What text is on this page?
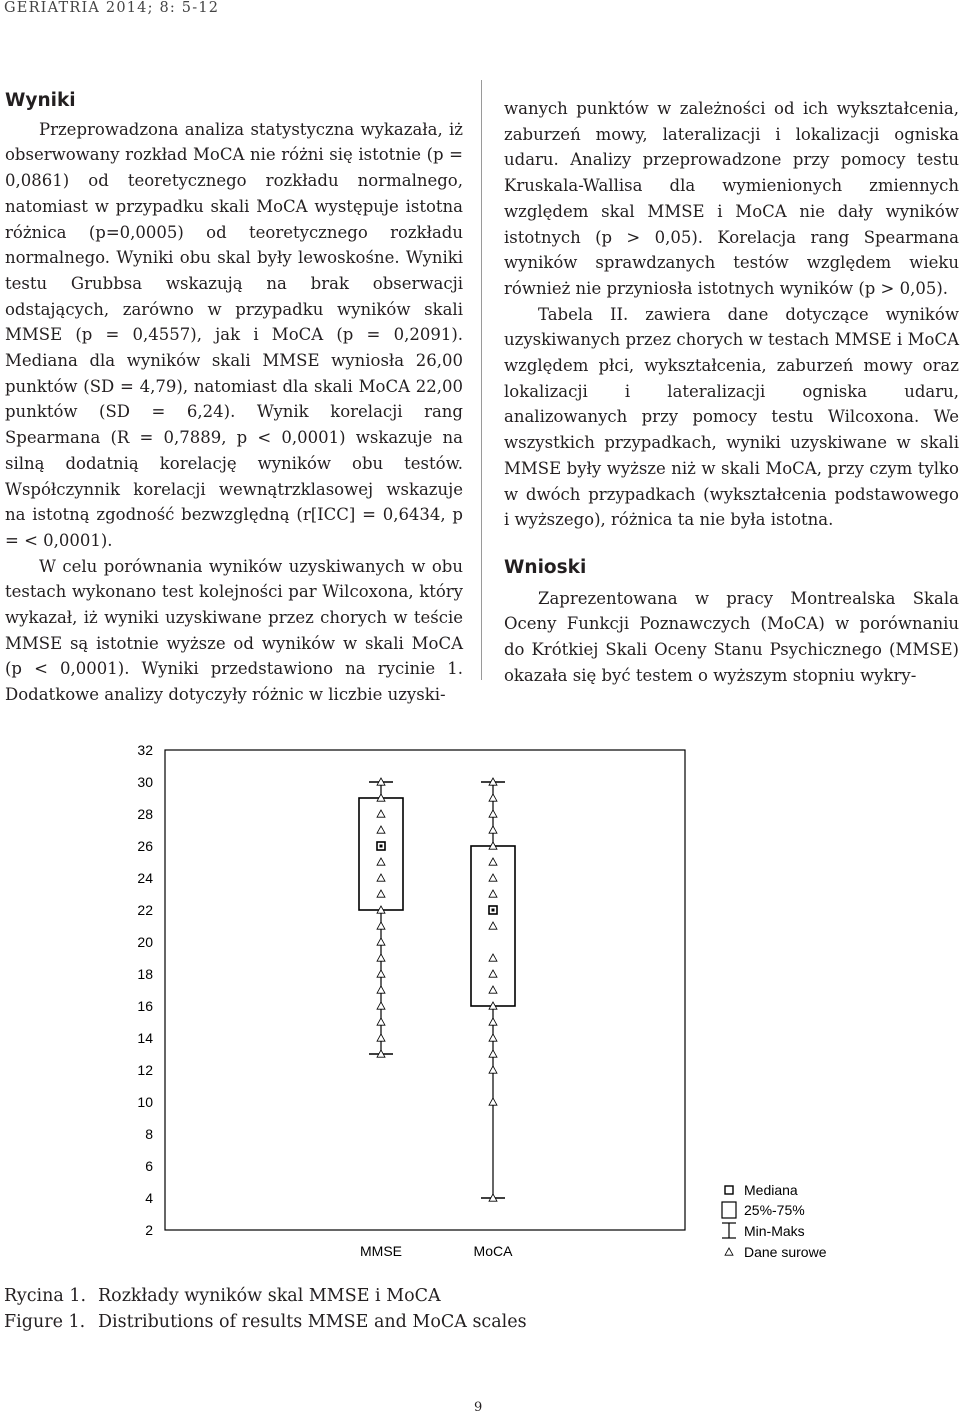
GERIATRIA 2014; 8: 5-12
Wyniki

Przeprowadzona analiza statystyczna wykazała, iż obserwowany rozkład MoCA nie różni się istotnie (p = 0,0861) od teoretycznego rozkładu normalnego, natomiast w przypadku skali MoCA występuje istotna różnica (p=0,0005) od teoretycznego rozkładu normalnego. Wyniki obu skal były lewoskośne. Wyniki testu Grubbsa wskazują na brak obserwacji odstających, zarówno w przypadku wyników skali MMSE (p = 0,4557), jak i MoCA (p = 0,2091). Mediana dla wyników skali MMSE wyniosła 26,00 punktów (SD = 4,79), natomiast dla skali MoCA 22,00 punktów (SD = 6,24). Wynik korelacji rang Spearmana (R = 0,7889, p < 0,0001) wskazuje na silną dodatnią korelację wyników obu testów. Współczynnik korelacji wewnątrzklasowej wskazuje na istotną zgodność bezwzględną (r[ICC] = 0,6434, p = < 0,0001).

W celu porównania wyników uzyskiwanych w obu testach wykonano test kolejności par Wilcoxona, który wykazał, iż wyniki uzyskiwane przez chorych w teście MMSE są istotnie wyższe od wyników w skali MoCA (p < 0,0001). Wyniki przedstawiono na rycinie 1. Dodatkowe analizy dotyczyły różnic w liczbie uzyski-

wanych punktów w zależności od ich wykształcenia, zaburzeń mowy, lateralizacji i lokalizacji ogniska udaru. Analizy przeprowadzone przy pomocy testu Kruskala-Wallisa dla wymienionych zmiennych względem skal MMSE i MoCA nie dały wyników istotnych (p > 0,05). Korelacja rang Spearmana wyników sprawdzanych testów względem wieku również nie przyniosła istotnych wyników (p > 0,05).

Tabela II. zawiera dane dotyczące wyników uzyskiwanych przez chorych w testach MMSE i MoCA względem płci, wykształcenia, zaburzeń mowy oraz lokalizacji i lateralizacji ogniska udaru, analizowanych przy pomocy testu Wilcoxona. We wszystkich przypadkach, wyniki uzyskiwane w skali MMSE były wyższe niż w skali MoCA, przy czym tylko w dwóch przypadkach (wykształcenia podstawowego i wyższego), różnica ta nie była istotna.

Wnioski

Zaprezentowana w pracy Montrealska Skala Oceny Funkcji Poznawczych (MoCA) w porównaniu do Krótkiej Skali Oceny Stanu Psychicznego (MMSE) okazała się być testem o wyższym stopniu wykry-

2
4
6
8
10
12
14
16
18
20
22
24
26
28
30
32
MMSE	MoCA
Mediana
25%-75%
Min-Maks
Dane surowe
Rycina 1. Rozkłady wyników skal MMSE i MoCA
Figure 1. Distributions of results MMSE and MoCA scales
9
